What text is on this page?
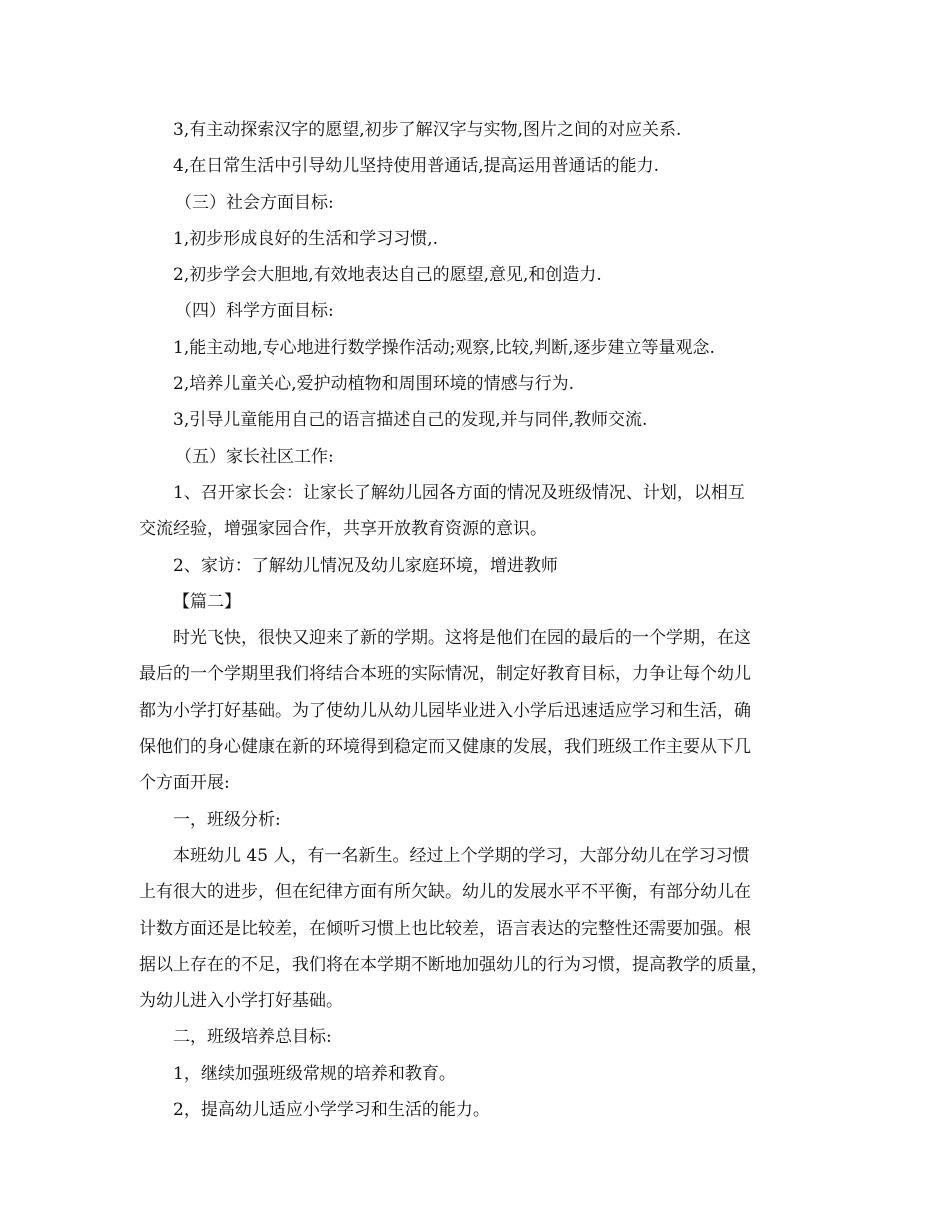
3,有主动探索汉字的愿望,初步了解汉字与实物,图片之间的对应关系.
4,在日常生活中引导幼儿坚持使用普通话,提高运用普通话的能力.
（三）社会方面目标:
1,初步形成良好的生活和学习习惯,.
2,初步学会大胆地,有效地表达自己的愿望,意见,和创造力.
（四）科学方面目标:
1,能主动地,专心地进行数学操作活动;观察,比较,判断,逐步建立等量观念.
2,培养儿童关心,爱护动植物和周围环境的情感与行为.
3,引导儿童能用自己的语言描述自己的发现,并与同伴,教师交流.
（五）家长社区工作:
1、召开家长会：让家长了解幼儿园各方面的情况及班级情况、计划，以相互
交流经验，增强家园合作，共享开放教育资源的意识。
2、家访：了解幼儿情况及幼儿家庭环境，增进教师
【篇二】
时光飞快，很快又迎来了新的学期。这将是他们在园的最后的一个学期，在这
最后的一个学期里我们将结合本班的实际情况，制定好教育目标，力争让每个幼儿
都为小学打好基础。为了使幼儿从幼儿园毕业进入小学后迅速适应学习和生活，确
保他们的身心健康在新的环境得到稳定而又健康的发展，我们班级工作主要从下几
个方面开展:
一，班级分析:
本班幼儿 45 人，有一名新生。经过上个学期的学习，大部分幼儿在学习习惯
上有很大的进步，但在纪律方面有所欠缺。幼儿的发展水平不平衡，有部分幼儿在
计数方面还是比较差，在倾听习惯上也比较差，语言表达的完整性还需要加强。根
据以上存在的不足，我们将在本学期不断地加强幼儿的行为习惯，提高教学的质量，
为幼儿进入小学打好基础。
二，班级培养总目标:
1，继续加强班级常规的培养和教育。
2，提高幼儿适应小学学习和生活的能力。
